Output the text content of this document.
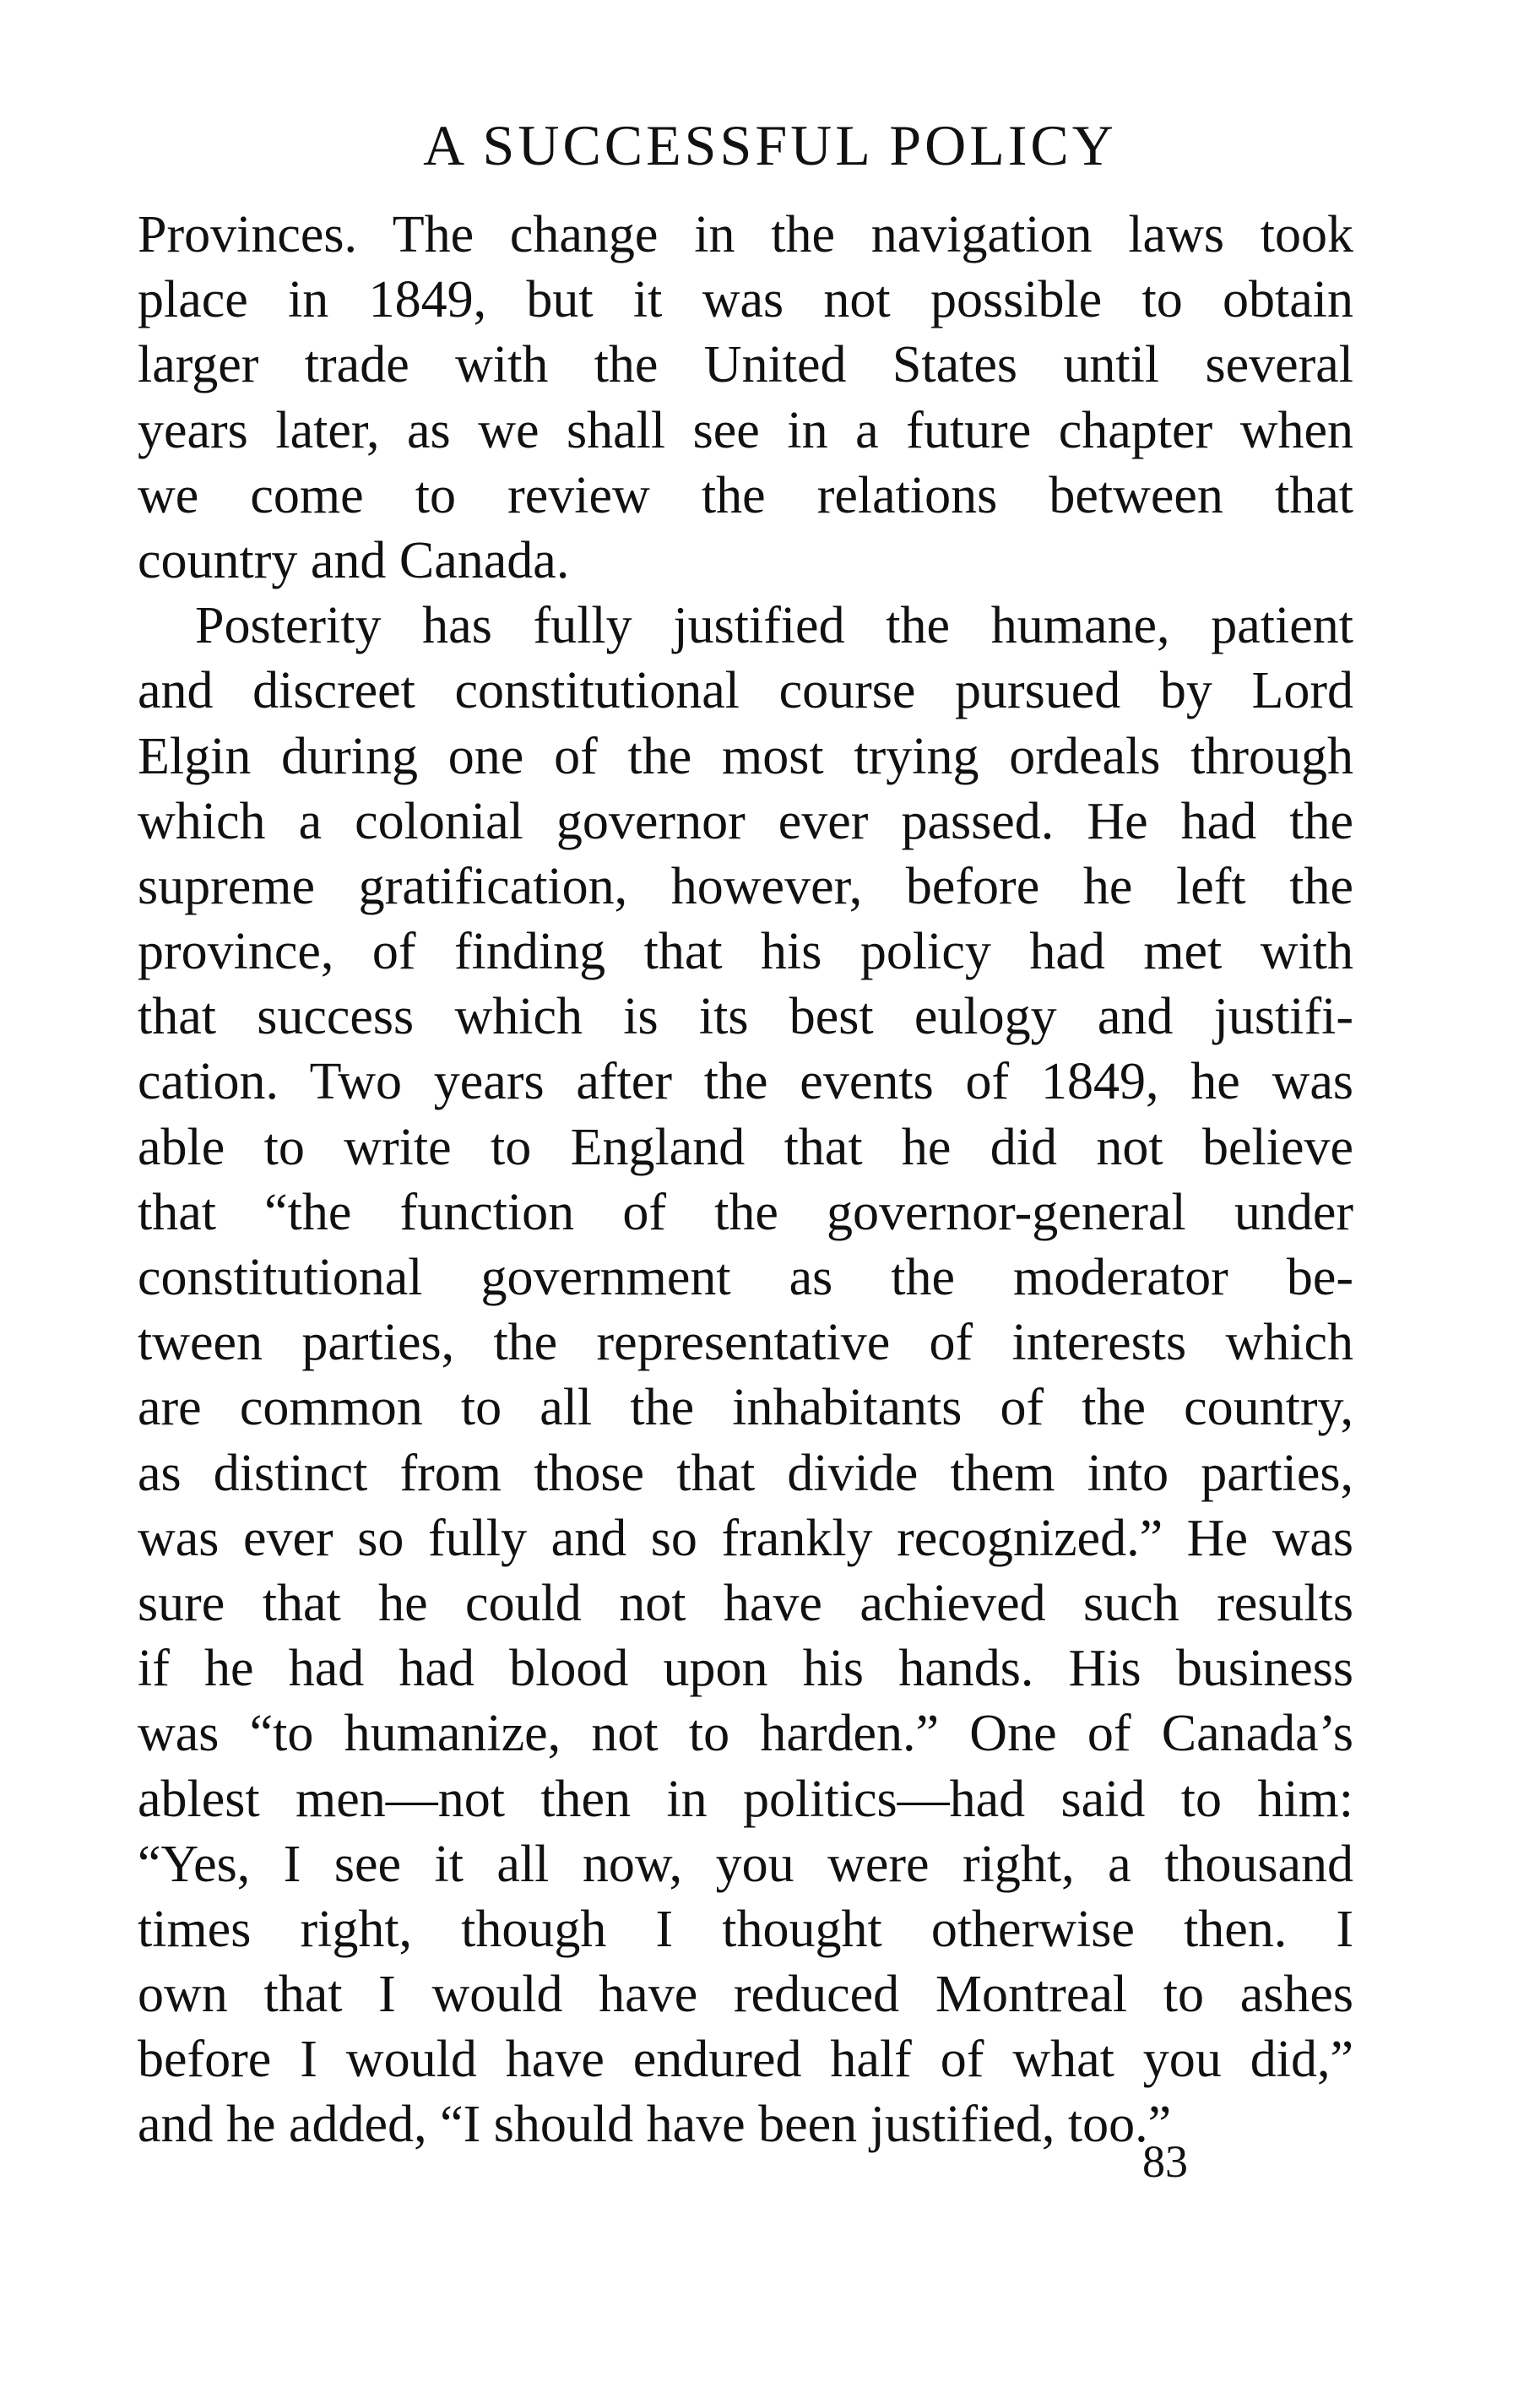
A SUCCESSFUL POLICY
Provinces. The change in the navigation laws took
place in 1849, but it was not possible to obtain
larger trade with the United States until several
years later, as we shall see in a future chapter when
we come to review the relations between that
country and Canada.
Posterity has fully justified the humane, patient
and discreet constitutional course pursued by Lord
Elgin during one of the most trying ordeals through
which a colonial governor ever passed. He had the
supreme gratification, however, before he left the
province, of finding that his policy had met with
that success which is its best eulogy and justifi-
cation. Two years after the events of 1849, he was
able to write to England that he did not believe
that “the function of the governor-general under
constitutional government as the moderator be-
tween parties, the representative of interests which
are common to all the inhabitants of the country,
as distinct from those that divide them into parties,
was ever so fully and so frankly recognized.” He was
sure that he could not have achieved such results
if he had had blood upon his hands. His business
was “to humanize, not to harden.” One of Canada’s
ablest men—not then in politics—had said to him:
“Yes, I see it all now, you were right, a thousand
times right, though I thought otherwise then. I
own that I would have reduced Montreal to ashes
before I would have endured half of what you did,”
and he added, “I should have been justified, too.”
83
